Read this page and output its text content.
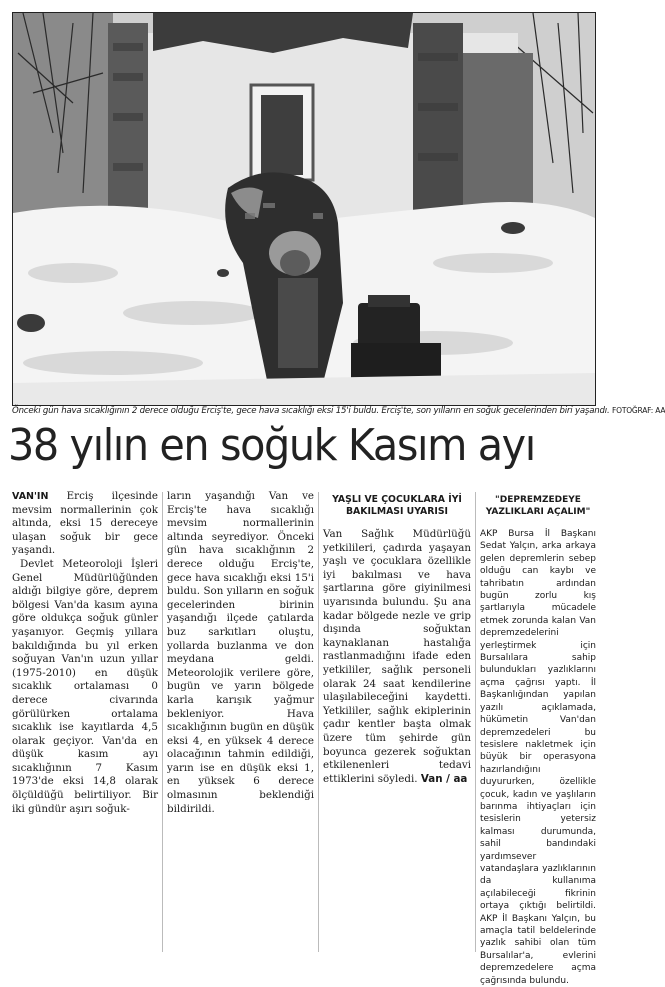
Önceki gün hava sıcaklığının 2 derece olduğu Erciş'te, gece hava sıcaklığı eksi 15'i buldu. Erciş'te, son yılların en soğuk gecelerinden biri yaşandı. FOTOĞRAF: AA
38 yılın en soğuk Kasım ayı

VAN'IN Erciş ilçesinde mevsim normallerinin çok altında, eksi 15 dereceye ulaşan soğuk bir gece yaşandı.

Devlet Meteoroloji İşleri Genel Müdürlüğünden aldığı bilgiye göre, deprem bölgesi Van'da kasım ayına göre oldukça soğuk günler yaşanıyor. Geçmiş yıllara bakıldığında bu yıl erken soğuyan Van'ın uzun yıllar (1975-2010) en düşük sıcaklık ortalaması 0 derece civarında görülürken ortalama sıcaklık ise kayıtlarda 4,5 olarak geçiyor. Van'da en düşük kasım ayı sıcaklığının 7 Kasım 1973'de eksi 14,8 olarak ölçüldüğü belirtiliyor. Bir iki gündür aşırı soğuk-

ların yaşandığı Van ve Erciş'te hava sıcaklığı mevsim normallerinin altında seyrediyor. Önceki gün hava sıcaklığının 2 derece olduğu Erciş'te, gece hava sıcaklığı eksi 15'i buldu. Son yılların en soğuk gecelerinden birinin yaşandığı ilçede çatılarda buz sarkıtları oluştu, yollarda buzlanma ve don meydana geldi. Meteorolojik verilere göre, bugün ve yarın bölgede karla karışık yağmur bekleniyor. Hava sıcaklığının bugün en düşük eksi 4, en yüksek 4 derece olacağının tahmin edildiği, yarın ise en düşük eksi 1, en yüksek 6 derece olmasının beklendiği bildirildi.

YAŞLI VE ÇOCUKLARA İYİ BAKILMASI UYARISI

Van Sağlık Müdürlüğü yetkilileri, çadırda yaşayan yaşlı ve çocuklara özellikle iyi bakılması ve hava şartlarına göre giyinilmesi uyarısında bulundu. Şu ana kadar bölgede nezle ve grip dışında soğuktan kaynaklanan hastalığa rastlanmadığını ifade eden yetkililer, sağlık personeli olarak 24 saat kendilerine ulaşılabileceğini kaydetti. Yetkililer, sağlık ekiplerinin çadır kentler başta olmak üzere tüm şehirde gün boyunca gezerek soğuktan etkilenenleri tedavi ettiklerini söyledi. Van / aa

"DEPREMZEDEYE YAZLIKLARI AÇALIM"

AKP Bursa İl Başkanı Sedat Yalçın, arka arkaya gelen depremlerin sebep olduğu can kaybı ve tahribatın ardından bugün zorlu kış şartlarıyla mücadele etmek zorunda kalan Van depremzedelerini yerleştirmek için Bursalılara sahip bulundukları yazlıklarını açma çağrısı yaptı. İl Başkanlığından yapılan yazılı açıklamada, hükümetin Van'dan depremzedeleri bu tesislere nakletmek için büyük bir operasyona hazırlandığını duyururken, özellikle çocuk, kadın ve yaşlıların barınma ihtiyaçları için tesislerin yetersiz kalması durumunda, sahil bandındaki yardımsever vatandaşlara yazlıklarının da kullanıma açılabileceği fikrinin ortaya çıktığı belirtildi. AKP İl Başkanı Yalçın, bu amaçla tatil beldelerinde yazlık sahibi olan tüm Bursalılar'a, evlerini depremzedelere açma çağrısında bulundu.
